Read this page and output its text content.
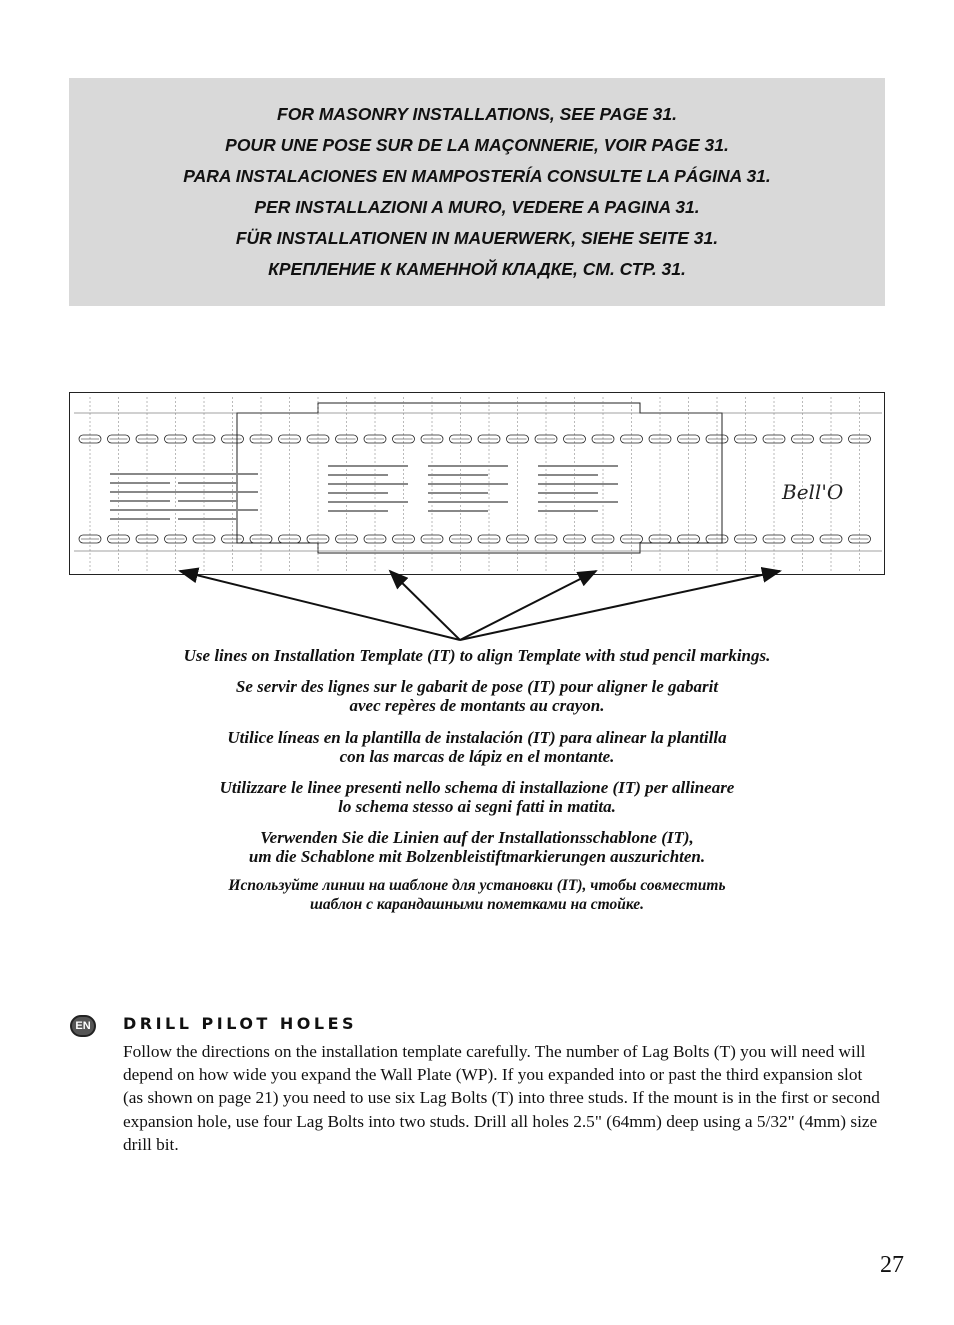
FOR MASONRY INSTALLATIONS, SEE PAGE 31.
POUR UNE POSE SUR DE LA MAÇONNERIE, VOIR PAGE 31.
PARA INSTALACIONES EN MAMPOSTERÍA CONSULTE LA PÁGINA 31.
PER INSTALLAZIONI A MURO, VEDERE A PAGINA 31.
FÜR INSTALLATIONEN IN MAUERWERK, SIEHE SEITE 31.
КРЕПЛЕНИЕ К КАМЕННОЙ КЛАДКЕ, СМ. СТР. 31.
Bell'O
Use lines on Installation Template (IT) to align Template with stud pencil markings.
Se servir des lignes sur le gabarit de pose (IT) pour aligner le gabarit
avec repères de montants au crayon.
Utilice líneas en la plantilla de instalación (IT) para alinear la plantilla
con las marcas de lápiz en el montante.
Utilizzare le linee presenti nello schema di installazione (IT) per allineare
lo schema stesso ai segni fatti in matita.
Verwenden Sie die Linien auf der Installationsschablone (IT),
um die Schablone mit Bolzenbleistiftmarkierungen auszurichten.
Используйте линии на шаблоне для установки (IT), чтобы совместить
шаблон с карандашными пометками на стойке.
EN	DRILL PILOT HOLES
Follow the directions on the installation template carefully. The number of Lag Bolts (T) you will need will depend on how wide you expand the Wall Plate (WP). If you expanded into or past the third expansion slot (as shown on page 21) you need to use six Lag Bolts (T) into three studs. If the mount is in the first or second expansion hole, use four Lag Bolts into two studs. Drill all holes 2.5" (64mm) deep using a 5/32" (4mm) size drill bit.
27
